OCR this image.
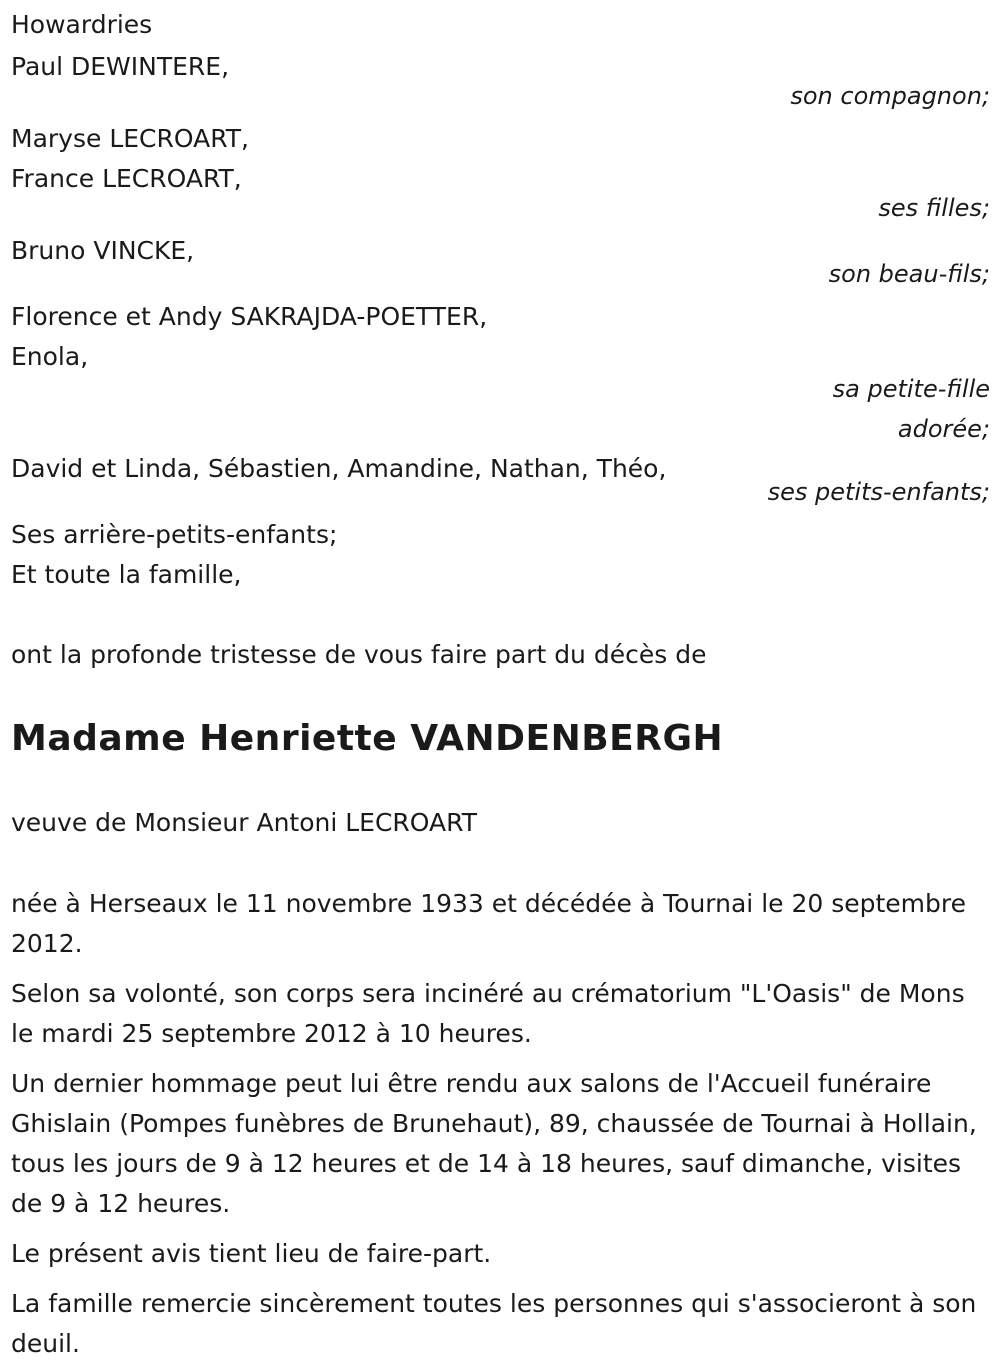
Howardries
Paul DEWINTERE,
son compagnon;
Maryse LECROART,
France LECROART,
ses filles;
Bruno VINCKE,
son beau-fils;
Florence et Andy SAKRAJDA-POETTER,
Enola,
sa petite-fille
adorée;
David et Linda, Sébastien, Amandine, Nathan, Théo,
ses petits-enfants;
Ses arrière-petits-enfants;
Et toute la famille,
ont la profonde tristesse de vous faire part du décès de
Madame Henriette VANDENBERGH
veuve de Monsieur Antoni LECROART
née à Herseaux le 11 novembre 1933 et décédée à Tournai le 20 septembre 2012.
Selon sa volonté, son corps sera incinéré au crématorium "L'Oasis" de Mons le mardi 25 septembre 2012 à 10 heures.
Un dernier hommage peut lui être rendu aux salons de l'Accueil funéraire Ghislain (Pompes funèbres de Brunehaut), 89, chaussée de Tournai à Hollain, tous les jours de 9 à 12 heures et de 14 à 18 heures, sauf dimanche, visites de 9 à 12 heures.
Le présent avis tient lieu de faire-part.
La famille remercie sincèrement toutes les personnes qui s'associeront à son deuil.
